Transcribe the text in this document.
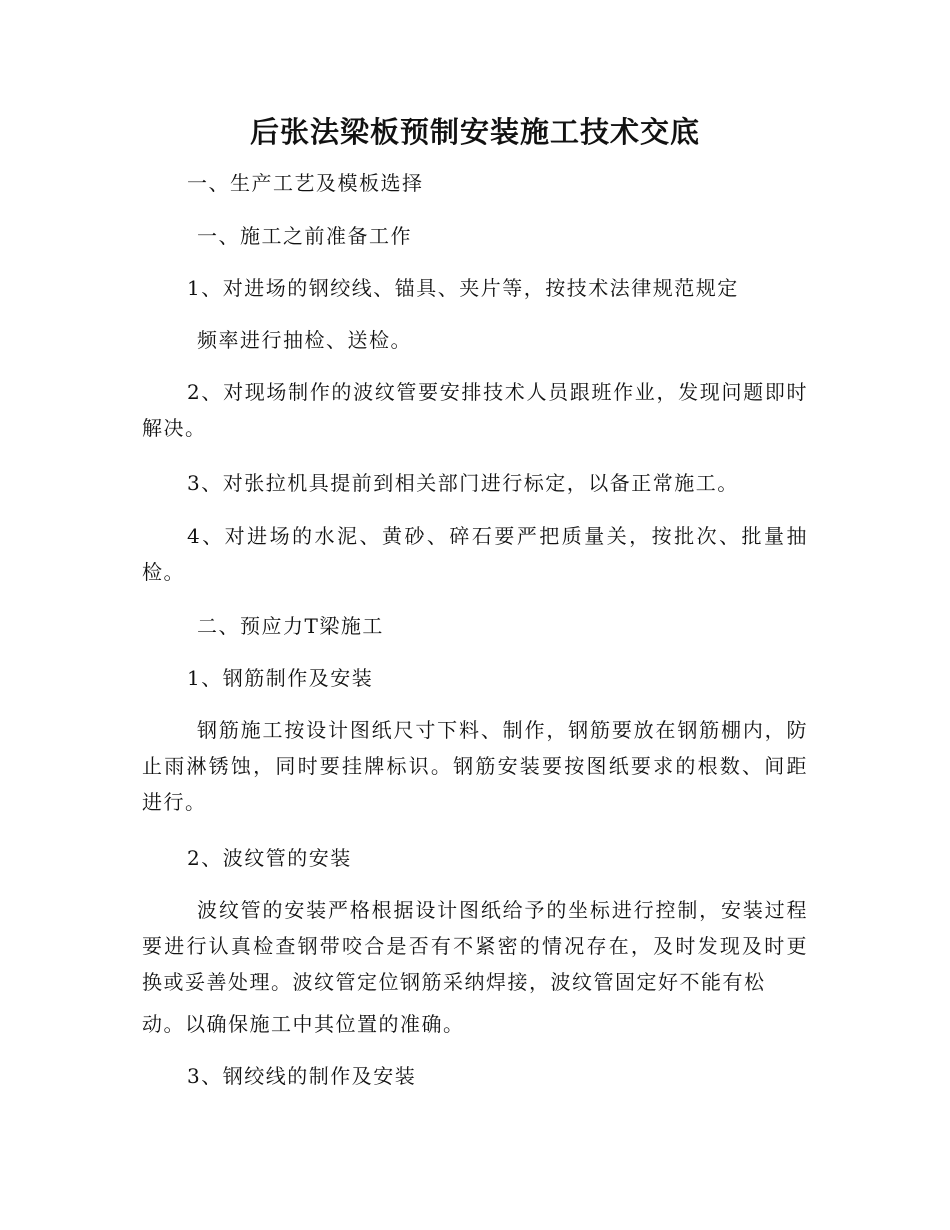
后张法梁板预制安装施工技术交底
一、生产工艺及模板选择
一、施工之前准备工作
1、对进场的钢绞线、锚具、夹片等，按技术法律规范规定
频率进行抽检、送检。
2、对现场制作的波纹管要安排技术人员跟班作业，发现问题即时解决。
3、对张拉机具提前到相关部门进行标定，以备正常施工。
4、对进场的水泥、黄砂、碎石要严把质量关，按批次、批量抽检。
二、预应力T梁施工
1、钢筋制作及安装
钢筋施工按设计图纸尺寸下料、制作，钢筋要放在钢筋棚内，防止雨淋锈蚀，同时要挂牌标识。钢筋安装要按图纸要求的根数、间距进行。
2、波纹管的安装
波纹管的安装严格根据设计图纸给予的坐标进行控制，安装过程要进行认真检查钢带咬合是否有不紧密的情况存在，及时发现及时更换或妥善处理。波纹管定位钢筋采纳焊接，波纹管固定好不能有松
动。以确保施工中其位置的准确。
3、钢绞线的制作及安装
